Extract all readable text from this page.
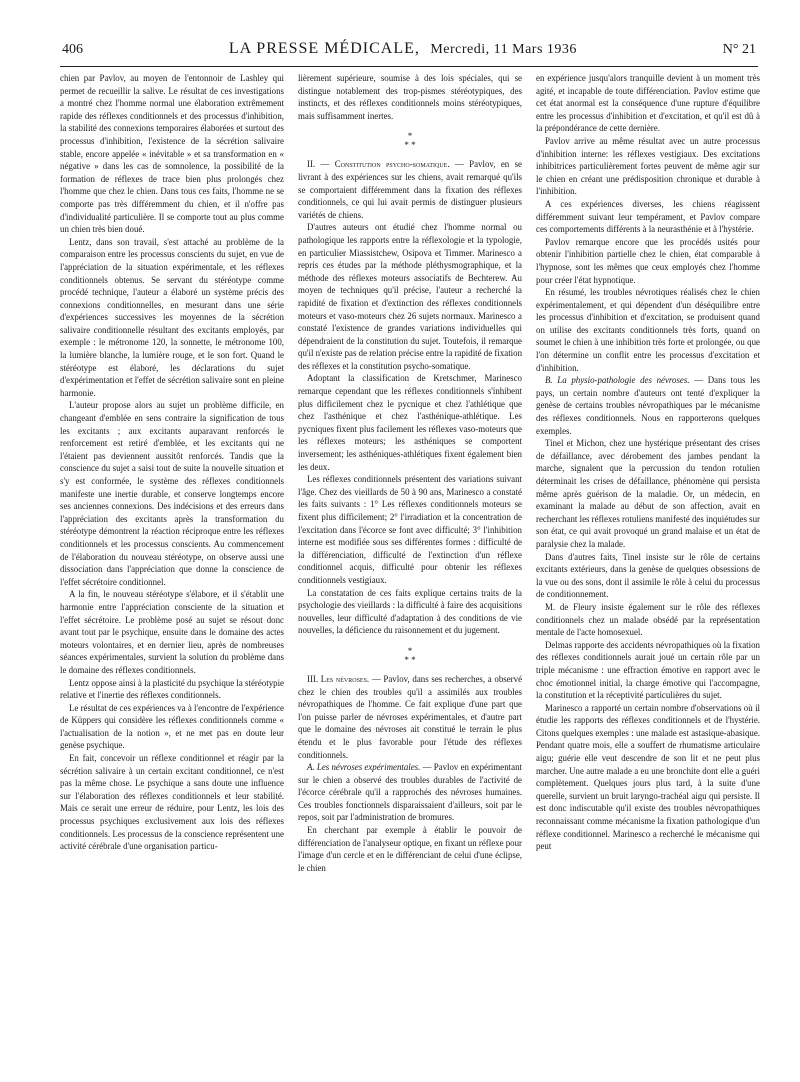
406	LA PRESSE MÉDICALE, Mercredi, 11 Mars 1936	N° 21

chien par Pavlov, au moyen de l'entonnoir de Lashley qui permet de recueillir la salive. Le résultat de ces investigations a montré chez l'homme normal une élaboration extrêmement rapide des réflexes conditionnels et des processus d'inhibition, la stabilité des connexions temporaires élaborées et surtout des processus d'inhibition, l'existence de la sécrétion salivaire stable, encore appelée « inévitable » et sa transformation en « négative » dans les cas de somnolence, la possibilité de la formation de réflexes de trace bien plus prolongés chez l'homme que chez le chien. Dans tous ces faits, l'homme ne se comporte pas très différemment du chien, et il n'offre pas d'individualité particulière. Il se comporte tout au plus comme un chien très bien doué.

Lentz, dans son travail, s'est attaché au problème de la comparaison entre les processus conscients du sujet, en vue de l'appréciation de la situation expérimentale, et les réflexes conditionnels obtenus. Se servant du stéréotype comme procédé technique, l'auteur a élaboré un système précis des connexions conditionnelles, en mesurant dans une série d'expériences successives les moyennes de la sécrétion salivaire conditionnelle résultant des excitants employés, par exemple : le métronome 120, la sonnette, le métronome 100, la lumière blanche, la lumière rouge, et le son fort. Quand le stéréotype est élaboré, les déclarations du sujet d'expérimentation et l'effet de sécrétion salivaire sont en pleine harmonie.

L'auteur propose alors au sujet un problème difficile, en changeant d'emblée en sens contraire la signification de tous les excitants ; aux excitants auparavant renforcés le renforcement est retiré d'emblée, et les excitants qui ne l'étaient pas deviennent aussitôt renforcés. Tandis que la conscience du sujet a saisi tout de suite la nouvelle situation et s'y est conformée, le système des réflexes conditionnels manifeste une inertie durable, et conserve longtemps encore ses anciennes connexions. Des indécisions et des erreurs dans l'appréciation des excitants après la transformation du stéréotype démontrent la réaction réciproque entre les réflexes conditionnels et les processus conscients. Au commencement de l'élaboration du nouveau stéréotype, on observe aussi une dissociation dans l'appréciation que donne la conscience de l'effet sécrétoire conditionnel.

A la fin, le nouveau stéréotype s'élabore, et il s'établit une harmonie entre l'appréciation consciente de la situation et l'effet sécrétoire. Le problème posé au sujet se résout donc avant tout par le psychique, ensuite dans le domaine des actes moteurs volontaires, et en dernier lieu, après de nombreuses séances expérimentales, survient la solution du problème dans le domaine des réflexes conditionnels.

Lentz oppose ainsi à la plasticité du psychique la stéréotypie relative et l'inertie des réflexes conditionnels.

Le résultat de ces expériences va à l'encontre de l'expérience de Küppers qui considère les réflexes conditionnels comme « l'actualisation de la notion », et ne met pas en doute leur genèse psychique.

En fait, concevoir un réflexe conditionnel et réagir par la sécrétion salivaire à un certain excitant conditionnel, ce n'est pas la même chose. Le psychique a sans doute une influence sur l'élaboration des réflexes conditionnels et leur stabilité. Mais ce serait une erreur de réduire, pour Lentz, les lois des processus psychiques exclusivement aux lois des réflexes conditionnels. Les processus de la conscience représentent une activité cérébrale d'une organisation particu-

lièrement supérieure, soumise à des lois spéciales, qui se distingue notablement des trop-pismes stéréotypiques, des instincts, et des réflexes conditionnels moins stéréotypiques, mais suffisamment inertes.

*
* *

II. — Constitution psycho-somatique. — Pavlov, en se livrant à des expériences sur les chiens, avait remarqué qu'ils se comportaient différemment dans la fixation des réflexes conditionnels, ce qui lui avait permis de distinguer plusieurs variétés de chiens.

D'autres auteurs ont étudié chez l'homme normal ou pathologique les rapports entre la réflexologie et la typologie, en particulier Miassistchew, Osipova et Timmer. Marinesco a repris ces études par la méthode pléthysmographique, et la méthode des réflexes moteurs associatifs de Bechterew. Au moyen de techniques qu'il précise, l'auteur a recherché la rapidité de fixation et d'extinction des réflexes conditionnels moteurs et vaso-moteurs chez 26 sujets normaux. Marinesco a constaté l'existence de grandes variations individuelles qui dépendraient de la constitution du sujet. Toutefois, il remarque qu'il n'existe pas de relation précise entre la rapidité de fixation des réflexes et la constitution psycho-somatique.

Adoptant la classification de Kretschmer, Marinesco remarque cependant que les réflexes conditionnels s'inhibent plus difficilement chez le pycnique et chez l'athlétique que chez l'asthénique et chez l'asthénique-athlétique. Les pycniques fixent plus facilement les réflexes vaso-moteurs que les réflexes moteurs; les asthéniques se comportent inversement; les asthéniques-athlétiques fixent également bien les deux.

Les réflexes conditionnels présentent des variations suivant l'âge. Chez des vieillards de 50 à 90 ans, Marinesco a constaté les faits suivants : 1° Les réflexes conditionnels moteurs se fixent plus difficilement; 2° l'irradiation et la concentration de l'excitation dans l'écorce se font avec difficulté; 3° l'inhibition interne est modifiée sous ses différentes formes : difficulté de la différenciation, difficulté de l'extinction d'un réflexe conditionnel acquis, difficulté pour obtenir les réflexes conditionnels vestigiaux.

La constatation de ces faits explique certains traits de la psychologie des vieillards : la difficulté à faire des acquisitions nouvelles, leur difficulté d'adaptation à des conditions de vie nouvelles, la déficience du raisonnement et du jugement.

*
* *

III. Les névroses. — Pavlov, dans ses recherches, a observé chez le chien des troubles qu'il a assimilés aux troubles névropathiques de l'homme. Ce fait explique d'une part que l'on puisse parler de névroses expérimentales, et d'autre part que le domaine des névroses ait constitué le terrain le plus étendu et le plus favorable pour l'étude des réflexes conditionnels.

A. Les névroses expérimentales. — Pavlov en expérimentant sur le chien a observé des troubles durables de l'activité de l'écorce cérébrale qu'il a rapprochés des névroses humaines. Ces troubles fonctionnels disparaissaient d'ailleurs, soit par le repos, soit par l'administration de bromures.

En cherchant par exemple à établir le pouvoir de différenciation de l'analyseur optique, en fixant un réflexe pour l'image d'un cercle et en le différenciant de celui d'une éclipse, le chien

en expérience jusqu'alors tranquille devient à un moment très agité, et incapable de toute différenciation. Pavlov estime que cet état anormal est la conséquence d'une rupture d'équilibre entre les processus d'inhibition et d'excitation, et qu'il est dû à la prépondérance de cette dernière.

Pavlov arrive au même résultat avec un autre processus d'inhibition interne: les réflexes vestigiaux. Des excitations inhibitrices particulièrement fortes peuvent de même agir sur le chien en créant une prédisposition chronique et durable à l'inhibition.

A ces expériences diverses, les chiens réagissent différemment suivant leur tempérament, et Pavlov compare ces comportements différents à la neurasthénie et à l'hystérie.

Pavlov remarque encore que les procédés usités pour obtenir l'inhibition partielle chez le chien, état comparable à l'hypnose, sont les mêmes que ceux employés chez l'homme pour créer l'état hypnotique.

En résumé, les troubles névrotiques réalisés chez le chien expérimentalement, et qui dépendent d'un déséquilibre entre les processus d'inhibition et d'excitation, se produisent quand on utilise des excitants conditionnels très forts, quand on soumet le chien à une inhibition très forte et prolongée, ou que l'on détermine un conflit entre les processus d'excitation et d'inhibition.

B. La physio-pathologie des névroses. — Dans tous les pays, un certain nombre d'auteurs ont tenté d'expliquer la genèse de certains troubles névropathiques par le mécanisme des réflexes conditionnels. Nous en rapporterons quelques exemples.

Tinel et Michon, chez une hystérique présentant des crises de défaillance, avec dérobement des jambes pendant la marche, signalent que la percussion du tendon rotulien déterminait les crises de défaillance, phénomène qui persista même après guérison de la maladie. Or, un médecin, en examinant la malade au début de son affection, avait en recherchant les réflexes rotuliens manifesté des inquiétudes sur son état, ce qui avait provoqué un grand malaise et un état de paralysie chez la malade.

Dans d'autres faits, Tinel insiste sur le rôle de certains excitants extérieurs, dans la genèse de quelques obsessions de la vue ou des sons, dont il assimile le rôle à celui du processus de conditionnement.

M. de Fleury insiste également sur le rôle des réflexes conditionnels chez un malade obsédé par la représentation mentale de l'acte homosexuel.

Delmas rapporte des accidents névropathiques où la fixation des réflexes conditionnels aurait joué un certain rôle par un triple mécanisme : une effraction émotive en rapport avec le choc émotionnel initial, la charge émotive qui l'accompagne, la constitution et la réceptivité particulières du sujet.

Marinesco a rapporté un certain nombre d'observations où il étudie les rapports des réflexes conditionnels et de l'hystérie. Citons quelques exemples : une malade est astasique-abasique. Pendant quatre mois, elle a souffert de rhumatisme articulaire aigu; guérie elle veut descendre de son lit et ne peut plus marcher. Une autre malade a eu une bronchite dont elle a guéri complètement. Quelques jours plus tard, à la suite d'une querelle, survient un bruit laryngo-trachéal aigu qui persiste. Il est donc indiscutable qu'il existe des troubles névropathiques reconnaissant comme mécanisme la fixation pathologique d'un réflexe conditionnel. Marinesco a recherché le mécanisme qui peut
